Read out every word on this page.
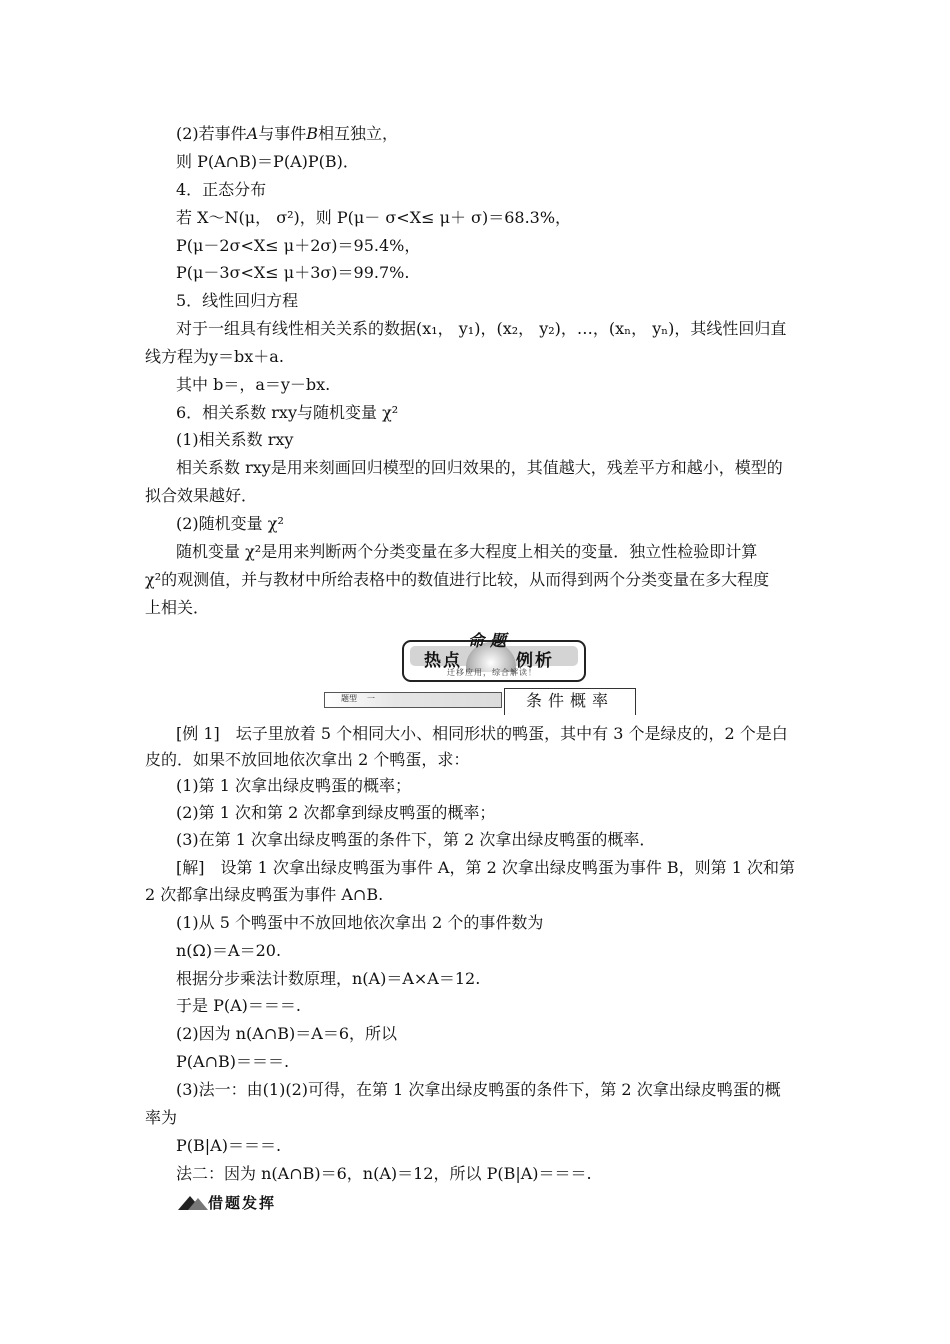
(2)若事件A与事件B相互独立，
则 P(A∩B)＝P(A)P(B)．
4．正态分布
若 X～N(μ， σ²)，则 P(μ－ σ<X≤ μ＋ σ)＝68.3%，
P(μ－2σ<X≤ μ＋2σ)＝95.4%，
P(μ－3σ<X≤ μ＋3σ)＝99.7%.
5．线性回归方程
对于一组具有线性相关关系的数据(x₁， y₁)，(x₂， y₂)，…，(xₙ， yₙ)，其线性回归直
线方程为y＝bx＋a.
其中 b＝，a＝y－bx.
6．相关系数 rxy与随机变量 χ²
(1)相关系数 rxy
相关系数 rxy是用来刻画回归模型的回归效果的，其值越大，残差平方和越小，模型的
拟合效果越好．
(2)随机变量 χ²
随机变量 χ²是用来判断两个分类变量在多大程度上相关的变量．独立性检验即计算
χ²的观测值，并与教材中所给表格中的数值进行比较，从而得到两个分类变量在多大程度
上相关．
热点
命题
例析
迁移应用，综合解读！
题型 一	条件概率
[例 1]　坛子里放着 5 个相同大小、相同形状的鸭蛋，其中有 3 个是绿皮的，2 个是白
皮的．如果不放回地依次拿出 2 个鸭蛋，求：
(1)第 1 次拿出绿皮鸭蛋的概率；
(2)第 1 次和第 2 次都拿到绿皮鸭蛋的概率；
(3)在第 1 次拿出绿皮鸭蛋的条件下，第 2 次拿出绿皮鸭蛋的概率．
[解]　设第 1 次拿出绿皮鸭蛋为事件 A，第 2 次拿出绿皮鸭蛋为事件 B，则第 1 次和第
2 次都拿出绿皮鸭蛋为事件 A∩B.
(1)从 5 个鸭蛋中不放回地依次拿出 2 个的事件数为
n(Ω)＝A＝20.
根据分步乘法计数原理，n(A)＝A×A＝12.
于是 P(A)＝＝＝.
(2)因为 n(A∩B)＝A＝6，所以
P(A∩B)＝＝＝.
(3)法一：由(1)(2)可得，在第 1 次拿出绿皮鸭蛋的条件下，第 2 次拿出绿皮鸭蛋的概
率为
P(B|A)＝＝＝.
法二：因为 n(A∩B)＝6，n(A)＝12，所以 P(B|A)＝＝＝.
借题发挥
